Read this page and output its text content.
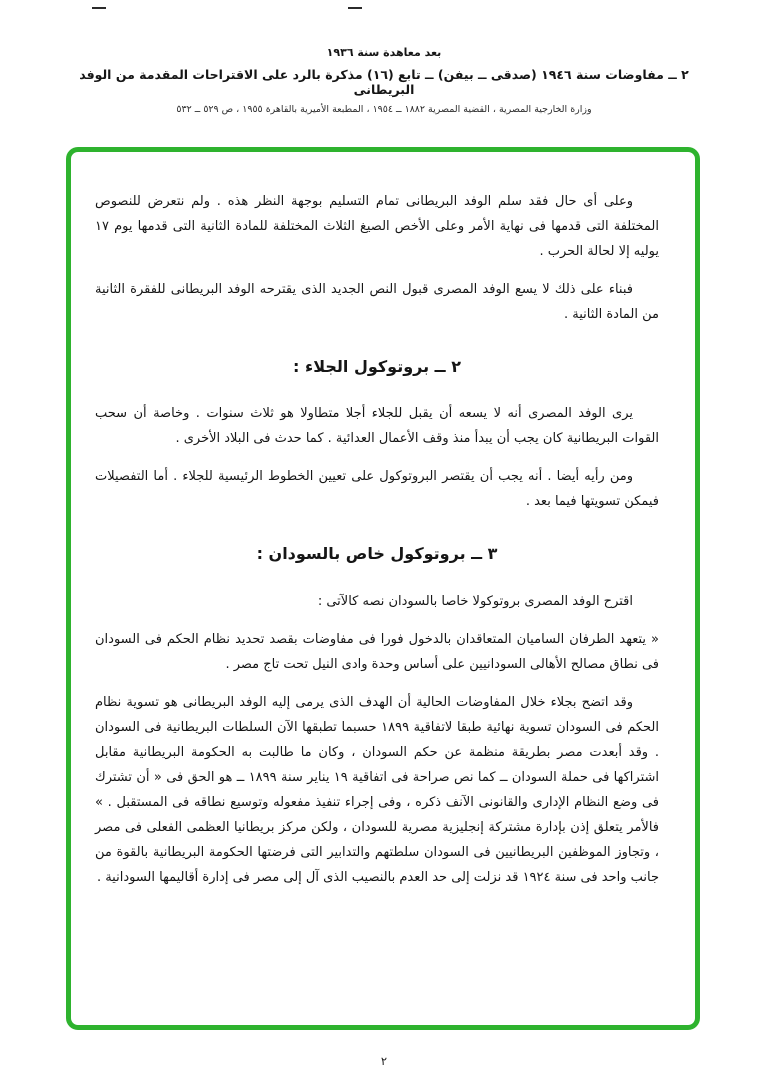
بعد معاهدة سنة ١٩٣٦
٢ ــ مفاوضات سنة ١٩٤٦ (صدقى ــ بيفن) ــ تابع (١٦) مذكرة بالرد على الاقتراحات المقدمة من الوفد البريطانى
وزارة الخارجية المصرية ، القضية المصرية ١٨٨٢ ــ ١٩٥٤ ، المطبعة الأميرية بالقاهرة ١٩٥٥ ، ص ٥٢٩ ــ ٥٣٢

وعلى أى حال فقد سلم الوفد البريطانى تمام التسليم بوجهة النظر هذه . ولم نتعرض للنصوص المختلفة التى قدمها فى نهاية الأمر وعلى الأخص الصيغ الثلاث المختلفة للمادة الثانية التى قدمها يوم ١٧ يوليه إلا لحالة الحرب .

فبناء على ذلك لا يسع الوفد المصرى قبول النص الجديد الذى يقترحه الوفد البريطانى للفقرة الثانية من المادة الثانية .

٢ ــ بروتوكول الجلاء :

يرى الوفد المصرى أنه لا يسعه أن يقبل للجلاء أجلا متطاولا هو ثلاث سنوات . وخاصة أن سحب القوات البريطانية كان يجب أن يبدأ منذ وقف الأعمال العدائية . كما حدث فى البلاد الأخرى .

ومن رأيه أيضا . أنه يجب أن يقتصر البروتوكول على تعيين الخطوط الرئيسية للجلاء . أما التفصيلات فيمكن تسويتها فيما بعد .

٣ ــ بروتوكول خاص بالسودان :

اقترح الوفد المصرى بروتوكولا خاصا بالسودان نصه كالآتى :

« يتعهد الطرفان الساميان المتعاقدان بالدخول فورا فى مفاوضات بقصد تحديد نظام الحكم فى السودان فى نطاق مصالح الأهالى السودانيين على أساس وحدة وادى النيل تحت تاج مصر .

وقد اتضح بجلاء خلال المفاوضات الحالية أن الهدف الذى يرمى إليه الوفد البريطانى هو تسوية نظام الحكم فى السودان تسوية نهائية طبقا لاتفاقية ١٨٩٩ حسبما تطبقها الآن السلطات البريطانية فى السودان . وقد أبعدت مصر بطريقة منظمة عن حكم السودان ، وكان ما طالبت به الحكومة البريطانية مقابل اشتراكها فى حملة السودان ــ كما نص صراحة فى اتفاقية ١٩ يناير سنة ١٨٩٩ ــ هو الحق فى « أن تشترك فى وضع النظام الإدارى والقانونى الآنف ذكره ، وفى إجراء تنفيذ مفعوله وتوسيع نطاقه فى المستقبل . » فالأمر يتعلق إذن بإدارة مشتركة إنجليزية مصرية للسودان ، ولكن مركز بريطانيا العظمى الفعلى فى مصر ، وتجاوز الموظفين البريطانيين فى السودان سلطتهم والتدابير التى فرضتها الحكومة البريطانية بالقوة من جانب واحد فى سنة ١٩٢٤ قد نزلت إلى حد العدم بالنصيب الذى آل إلى مصر فى إدارة أقاليمها السودانية .

٢
